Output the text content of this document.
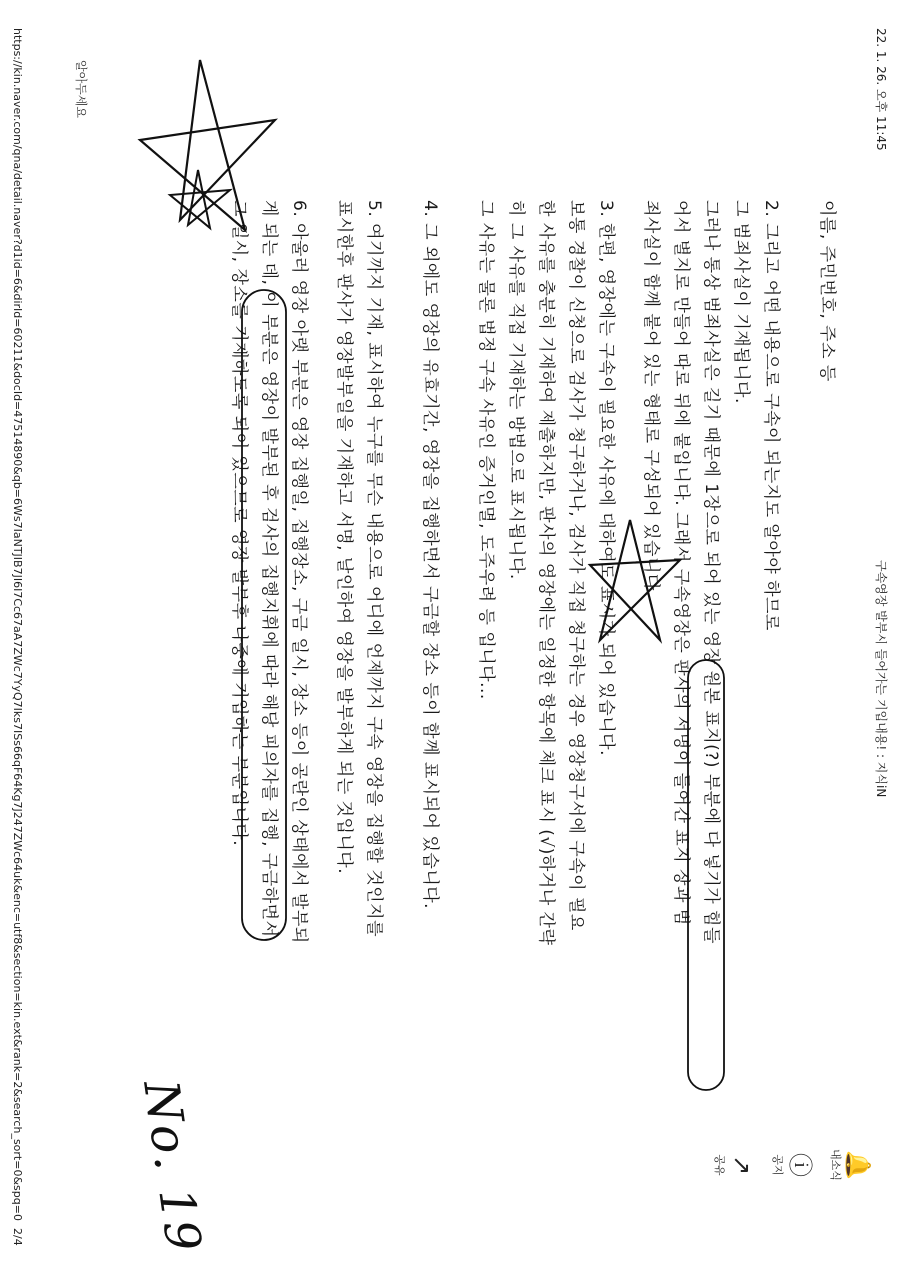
22. 1. 26. 오후 11:45
구속영장 발부시 들어가는 기입내용! : 지식iN
이름, 주민번호, 주소 등
2. 그리고 어떤 내용으로 구속이 되는지도 알아야 하므로
그 범죄사실이 기재됩니다.
그러나 통상 범죄사실은 길기 때문에 1장으로 되어 있는 영장 원본 표지(?) 부분에 다 넣기가 힘들
어서 별지로 만들어 따로 뒤에 붙입니다. 그래서 구속영장은 판사의 서명이 들어간 표지 장과 범
죄사실이 함께 붙어 있는 형태로 구성되어 있습니다.
3. 한편, 영장에는 구속이 필요한 사유에 대하여도 표시가 되어 있습니다.
보통 경찰이 신청으로 검사가 청구하거나, 검사가 직접 청구하는 경우 영장청구서에 구속이 필요
한 사유를 충분히 기재하여 제출하지만, 판사의 영장에는 일정한 항목에 체크 표시 (√)하거나 간략
히 그 사유를 직접 기재하는 방법으로 표시됩니다.
그 사유는 물론 법정 구속 사유인 증거인멸, 도주우려 등 입니다...
4. 그 외에도 영장의 유효기간, 영장을 집행하면서 구금할 장소 등이 함께 표시되어 있습니다.
5. 여기까지 기재, 표시하여 누구를 무슨 내용으로 어디에 언제까지 구속 영장을 집행할 것인지를
표시한후 판사가 영장발부일을 기재하고 서명, 날인하여 영장을 발부하게 되는 것입니다.
6. 아울러 영장 아랫 부분은 영장 집행일, 집행장소, 구금 일시, 장소 등이 공란인 상태에서 발부되
게 되는 데, 이 부분은 영장이 발부된 후 검사의 집행지휘에 따라 해당 피의자를 집행, 구금하면서
그 일시, 장소를 기재하도록 되어 있으므로 영장 발부후 나중에 기입하는 부분입니다.
알아두세요
🔔
내소식
ⓘ
공지
↗
공유
No. 19
https://kin.naver.com/qna/detail.naver?d1id=6&dirId=60211&docId=47514890&qb=6Ws7IaNTJIB7JI6I7Cc67aA7ZWc7YyQ7Iks7ISs66qF64Kg7J247ZWc64uk&enc=utf8&section=kin.ext&rank=2&search_sort=0&spq=0
2/4
